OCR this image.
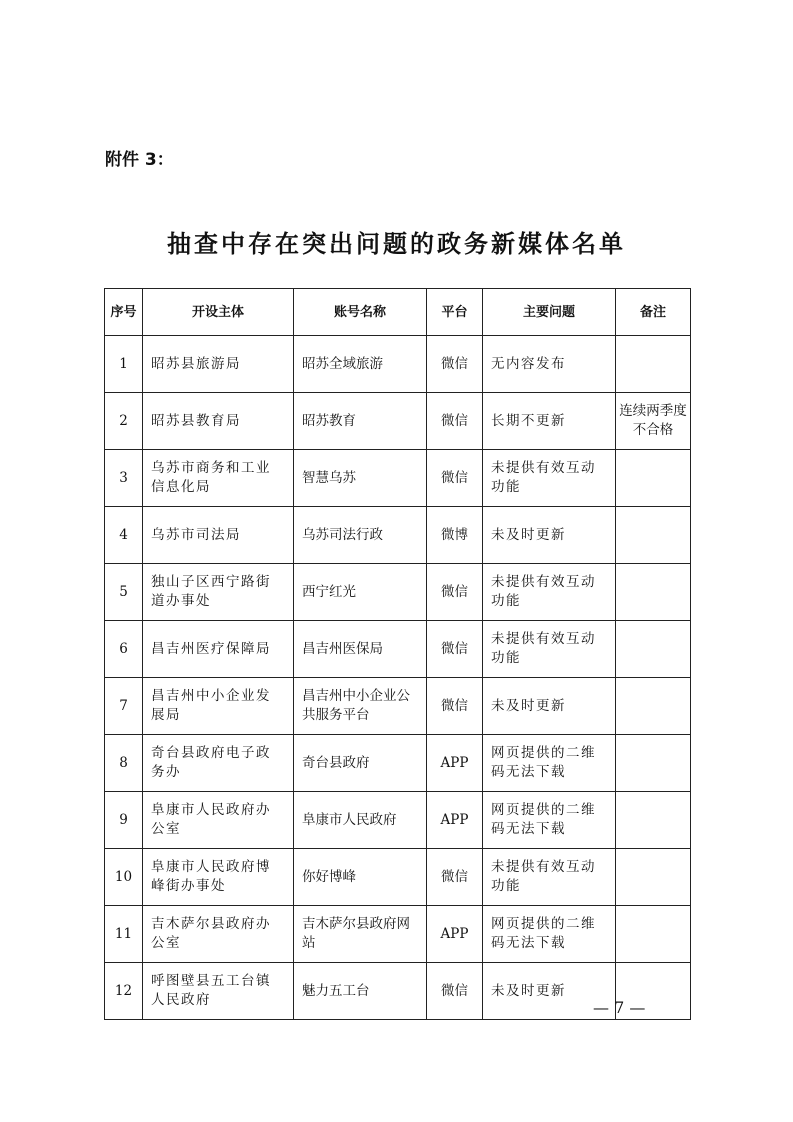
附件 3：
抽查中存在突出问题的政务新媒体名单
序号	开设主体	账号名称	平台	主要问题	备注
1	昭苏县旅游局	昭苏全域旅游	微信	无内容发布	
2	昭苏县教育局	昭苏教育	微信	长期不更新	连续两季度不合格
3	乌苏市商务和工业信息化局	智慧乌苏	微信	未提供有效互动功能	
4	乌苏市司法局	乌苏司法行政	微博	未及时更新	
5	独山子区西宁路街道办事处	西宁红光	微信	未提供有效互动功能	
6	昌吉州医疗保障局	昌吉州医保局	微信	未提供有效互动功能	
7	昌吉州中小企业发展局	昌吉州中小企业公共服务平台	微信	未及时更新	
8	奇台县政府电子政务办	奇台县政府	APP	网页提供的二维码无法下载	
9	阜康市人民政府办公室	阜康市人民政府	APP	网页提供的二维码无法下载	
10	阜康市人民政府博峰街办事处	你好博峰	微信	未提供有效互动功能	
11	吉木萨尔县政府办公室	吉木萨尔县政府网站	APP	网页提供的二维码无法下载	
12	呼图壁县五工台镇人民政府	魅力五工台	微信	未及时更新	
— 7 —
